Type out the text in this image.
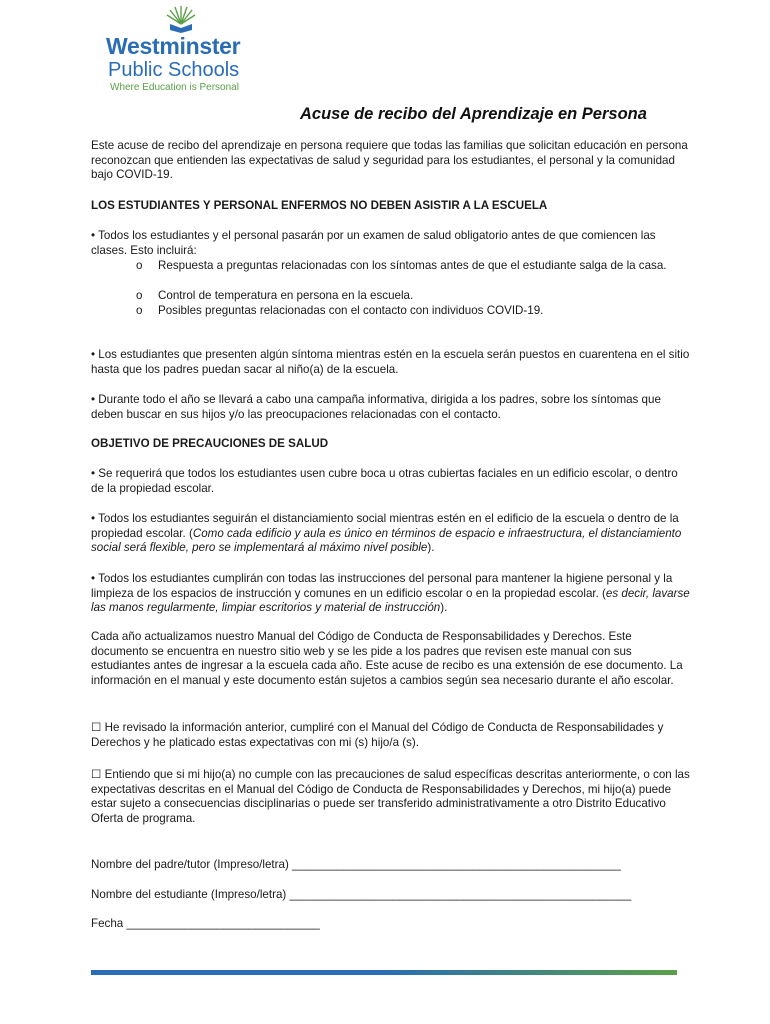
Westminster
Public Schools
Where Education is Personal
Acuse de recibo del Aprendizaje en Persona

Este acuse de recibo del aprendizaje en persona requiere que todas las familias que solicitan educación en persona reconozcan que entienden las expectativas de salud y seguridad para los estudiantes, el personal y la comunidad bajo COVID-19.

LOS ESTUDIANTES Y PERSONAL ENFERMOS NO DEBEN ASISTIR A LA ESCUELA

• Todos los estudiantes y el personal pasarán por un examen de salud obligatorio antes de que comiencen las clases. Esto incluirá:

o	Respuesta a preguntas relacionadas con los síntomas antes de que el estudiante salga de la casa.
o	Control de temperatura en persona en la escuela.
o	Posibles preguntas relacionadas con el contacto con individuos COVID-19.

• Los estudiantes que presenten algún síntoma mientras estén en la escuela serán puestos en cuarentena en el sitio hasta que los padres puedan sacar al niño(a) de la escuela.

• Durante todo el año se llevará a cabo una campaña informativa, dirigida a los padres, sobre los síntomas que deben buscar en sus hijos y/o las preocupaciones relacionadas con el contacto.

OBJETIVO DE PRECAUCIONES DE SALUD

• Se requerirá que todos los estudiantes usen cubre boca u otras cubiertas faciales en un edificio escolar, o dentro de la propiedad escolar.

• Todos los estudiantes seguirán el distanciamiento social mientras estén en el edificio de la escuela o dentro de la propiedad escolar. (Como cada edificio y aula es único en términos de espacio e infraestructura, el distanciamiento social será flexible, pero se implementará al máximo nivel posible).

• Todos los estudiantes cumplirán con todas las instrucciones del personal para mantener la higiene personal y la limpieza de los espacios de instrucción y comunes en un edificio escolar o en la propiedad escolar. (es decir, lavarse las manos regularmente, limpiar escritorios y material de instrucción).

Cada año actualizamos nuestro Manual del Código de Conducta de Responsabilidades y Derechos. Este documento se encuentra en nuestro sitio web y se les pide a los padres que revisen este manual con sus estudiantes antes de ingresar a la escuela cada año. Este acuse de recibo es una extensión de ese documento. La información en el manual y este documento están sujetos a cambios según sea necesario durante el año escolar.

☐ He revisado la información anterior, cumpliré con el Manual del Código de Conducta de Responsabilidades y Derechos y he platicado estas expectativas con mi (s) hijo/a (s).

☐ Entiendo que si mi hijo(a) no cumple con las precauciones de salud específicas descritas anteriormente, o con las expectativas descritas en el Manual del Código de Conducta de Responsabilidades y Derechos, mi hijo(a) puede estar sujeto a consecuencias disciplinarias o puede ser transferido administrativamente a otro Distrito Educativo Oferta de programa.

Nombre del padre/tutor (Impreso/letra) ___________________________________________________

Nombre del estudiante (Impreso/letra) _____________________________________________________

Fecha ______________________________
